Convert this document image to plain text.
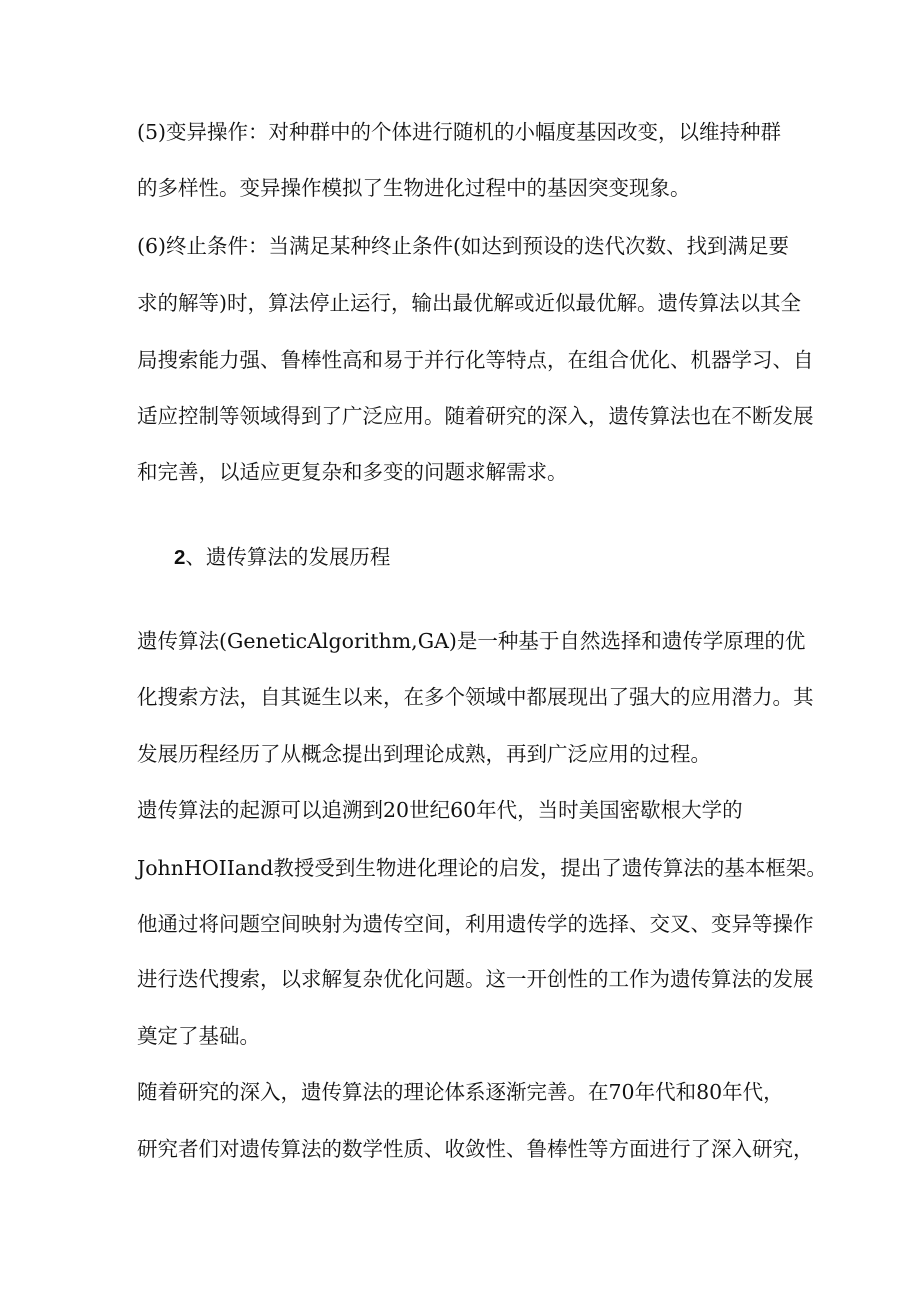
(5)变异操作：对种群中的个体进行随机的小幅度基因改变，以维持种群
的多样性。变异操作模拟了生物进化过程中的基因突变现象。
(6)终止条件：当满足某种终止条件(如达到预设的迭代次数、找到满足要
求的解等)时，算法停止运行，输出最优解或近似最优解。遗传算法以其全
局搜索能力强、鲁棒性高和易于并行化等特点，在组合优化、机器学习、自
适应控制等领域得到了广泛应用。随着研究的深入，遗传算法也在不断发展
和完善，以适应更复杂和多变的问题求解需求。
2、遗传算法的发展历程
遗传算法(GeneticAlgorithm,GA)是一种基于自然选择和遗传学原理的优
化搜索方法，自其诞生以来，在多个领域中都展现出了强大的应用潜力。其
发展历程经历了从概念提出到理论成熟，再到广泛应用的过程。
遗传算法的起源可以追溯到20世纪60年代，当时美国密歇根大学的
JohnHOIIand教授受到生物进化理论的启发，提出了遗传算法的基本框架。
他通过将问题空间映射为遗传空间，利用遗传学的选择、交叉、变异等操作
进行迭代搜索，以求解复杂优化问题。这一开创性的工作为遗传算法的发展
奠定了基础。
随着研究的深入，遗传算法的理论体系逐渐完善。在70年代和80年代，
研究者们对遗传算法的数学性质、收敛性、鲁棒性等方面进行了深入研究，
